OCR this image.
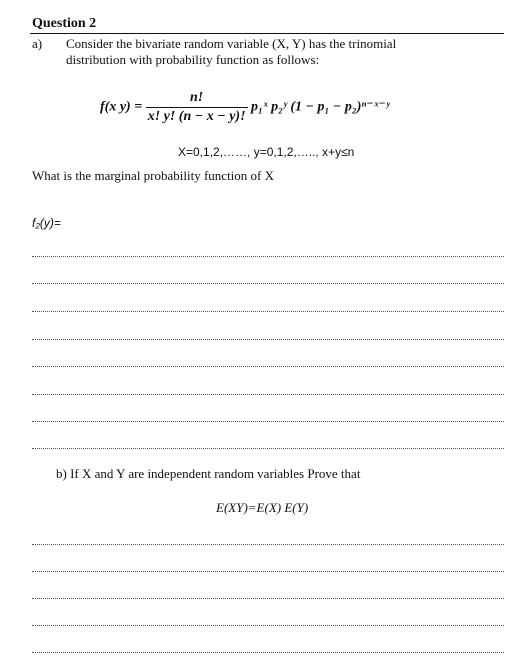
Question 2
a) Consider the bivariate random variable (X, Y) has the trinomial
distribution with probability function as follows:
f(x $y) = \frac{n!}{x! y! (n - x - y)!}$ p₁ˣ p₂ʸ (1 − p₁ − p₂)ⁿ⁻ˣ⁻ʸ
X=0,1,2,……, y=0,1,2,….., x+y≤n
What is the marginal probability function of X
f₂(y)=
b) If X and Y are independent random variables Prove that
E(XY)=E(X) E(Y)
